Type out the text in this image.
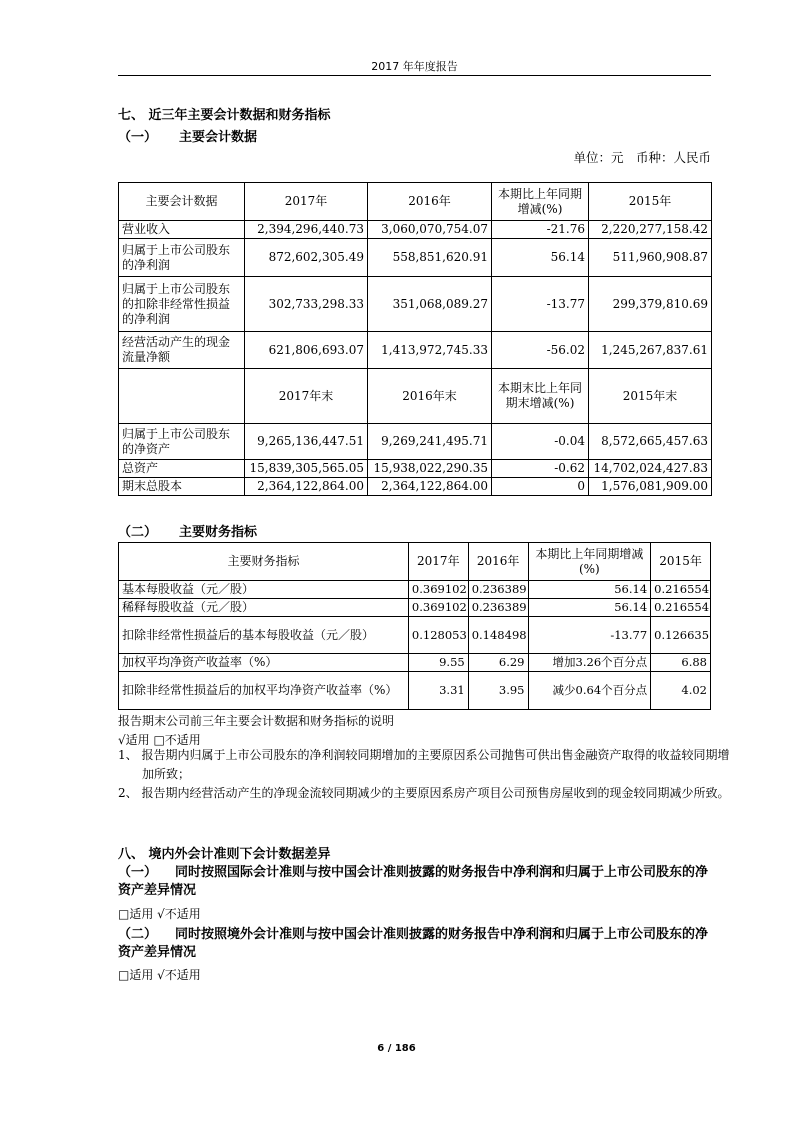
2017 年年度报告
七、 近三年主要会计数据和财务指标
（一） 主要会计数据
单位：元　币种：人民币
主要会计数据	2017年	2016年	本期比上年同期增减(%)	2015年
营业收入	2,394,296,440.73	3,060,070,754.07	-21.76	2,220,277,158.42
归属于上市公司股东的净利润	872,602,305.49	558,851,620.91	56.14	511,960,908.87
归属于上市公司股东的扣除非经常性损益的净利润	302,733,298.33	351,068,089.27	-13.77	299,379,810.69
经营活动产生的现金流量净额	621,806,693.07	1,413,972,745.33	-56.02	1,245,267,837.61
	2017年末	2016年末	本期末比上年同期末增减(%)	2015年末
归属于上市公司股东的净资产	9,265,136,447.51	9,269,241,495.71	-0.04	8,572,665,457.63
总资产	15,839,305,565.05	15,938,022,290.35	-0.62	14,702,024,427.83
期末总股本	2,364,122,864.00	2,364,122,864.00	0	1,576,081,909.00
（二） 主要财务指标
主要财务指标	2017年	2016年	本期比上年同期增减(%)	2015年
基本每股收益（元／股）	0.369102	0.236389	56.14	0.216554
稀释每股收益（元／股）	0.369102	0.236389	56.14	0.216554
扣除非经常性损益后的基本每股收益（元／股）	0.128053	0.148498	-13.77	0.126635
加权平均净资产收益率（%）	9.55	6.29	增加3.26个百分点	6.88
扣除非经常性损益后的加权平均净资产收益率（%）	3.31	3.95	减少0.64个百分点	4.02
报告期末公司前三年主要会计数据和财务指标的说明
√适用 □不适用
1、 报告期内归属于上市公司股东的净利润较同期增加的主要原因系公司抛售可供出售金融资产取得的收益较同期增加所致；
2、 报告期内经营活动产生的净现金流较同期减少的主要原因系房产项目公司预售房屋收到的现金较同期减少所致。
八、 境内外会计准则下会计数据差异
（一） 同时按照国际会计准则与按中国会计准则披露的财务报告中净利润和归属于上市公司股东的净资产差异情况
□适用 √不适用
（二） 同时按照境外会计准则与按中国会计准则披露的财务报告中净利润和归属于上市公司股东的净资产差异情况
□适用 √不适用
6 / 186
